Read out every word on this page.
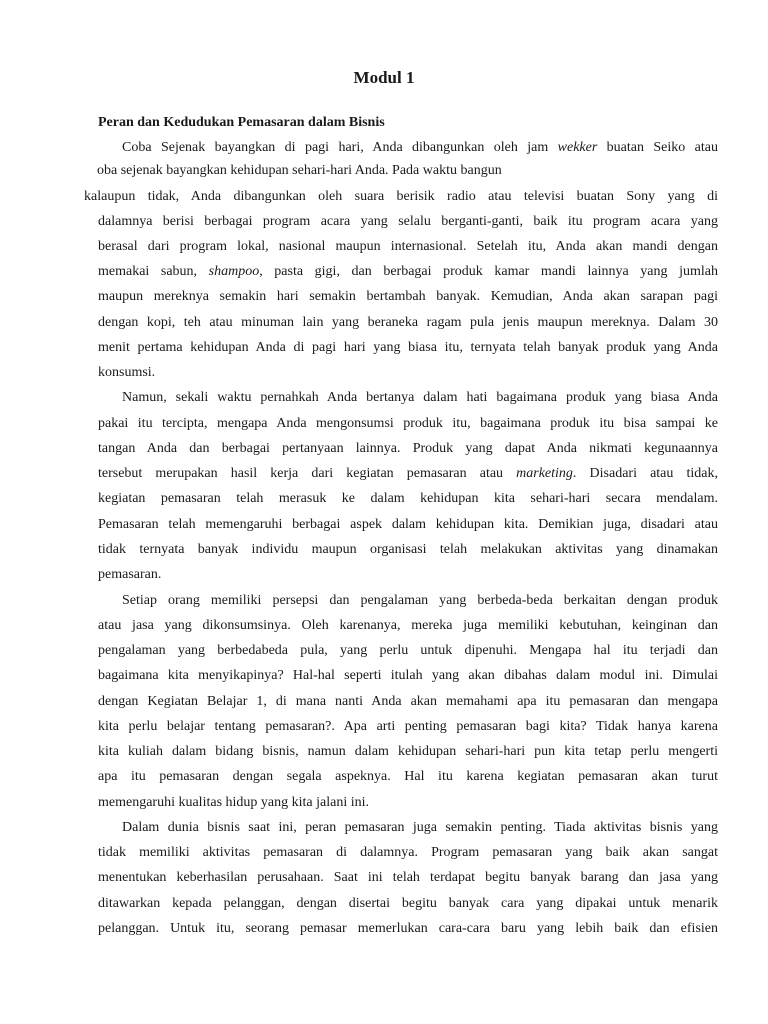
Modul 1
Peran dan Kedudukan Pemasaran dalam Bisnis
Coba Sejenak bayangkan di pagi hari, Anda dibangunkan oleh jam wekker buatan Seiko atau
oba sejenak bayangkan kehidupan sehari-hari Anda. Pada waktu bangun
kalaupun tidak, Anda dibangunkan oleh suara berisik radio atau televisi buatan Sony yang di
dalamnya berisi berbagai program acara yang selalu berganti-ganti, baik itu program acara yang
berasal dari program lokal, nasional maupun internasional. Setelah itu, Anda akan mandi dengan
memakai sabun, shampoo, pasta gigi, dan berbagai produk kamar mandi lainnya yang jumlah
maupun mereknya semakin hari semakin bertambah banyak. Kemudian, Anda akan sarapan pagi
dengan kopi, teh atau minuman lain yang beraneka ragam pula jenis maupun mereknya. Dalam 30
menit pertama kehidupan Anda di pagi hari yang biasa itu, ternyata telah banyak produk yang Anda
konsumsi.
Namun, sekali waktu pernahkah Anda bertanya dalam hati bagaimana produk yang biasa Anda
pakai itu tercipta, mengapa Anda mengonsumsi produk itu, bagaimana produk itu bisa sampai ke
tangan Anda dan berbagai pertanyaan lainnya. Produk yang dapat Anda nikmati kegunaannya
tersebut merupakan hasil kerja dari kegiatan pemasaran atau marketing. Disadari atau tidak,
kegiatan pemasaran telah merasuk ke dalam kehidupan kita sehari-hari secara mendalam.
Pemasaran telah memengaruhi berbagai aspek dalam kehidupan kita. Demikian juga, disadari atau
tidak ternyata banyak individu maupun organisasi telah melakukan aktivitas yang dinamakan
pemasaran.
Setiap orang memiliki persepsi dan pengalaman yang berbeda-beda berkaitan dengan produk
atau jasa yang dikonsumsinya. Oleh karenanya, mereka juga memiliki kebutuhan, keinginan dan
pengalaman yang berbedabeda pula, yang perlu untuk dipenuhi. Mengapa hal itu terjadi dan
bagaimana kita menyikapinya? Hal-hal seperti itulah yang akan dibahas dalam modul ini. Dimulai
dengan Kegiatan Belajar 1, di mana nanti Anda akan memahami apa itu pemasaran dan mengapa
kita perlu belajar tentang pemasaran?. Apa arti penting pemasaran bagi kita? Tidak hanya karena
kita kuliah dalam bidang bisnis, namun dalam kehidupan sehari-hari pun kita tetap perlu mengerti
apa itu pemasaran dengan segala aspeknya. Hal itu karena kegiatan pemasaran akan turut
memengaruhi kualitas hidup yang kita jalani ini.
Dalam dunia bisnis saat ini, peran pemasaran juga semakin penting. Tiada aktivitas bisnis yang
tidak memiliki aktivitas pemasaran di dalamnya. Program pemasaran yang baik akan sangat
menentukan keberhasilan perusahaan. Saat ini telah terdapat begitu banyak barang dan jasa yang
ditawarkan kepada pelanggan, dengan disertai begitu banyak cara yang dipakai untuk menarik
pelanggan. Untuk itu, seorang pemasar memerlukan cara-cara baru yang lebih baik dan efisien
